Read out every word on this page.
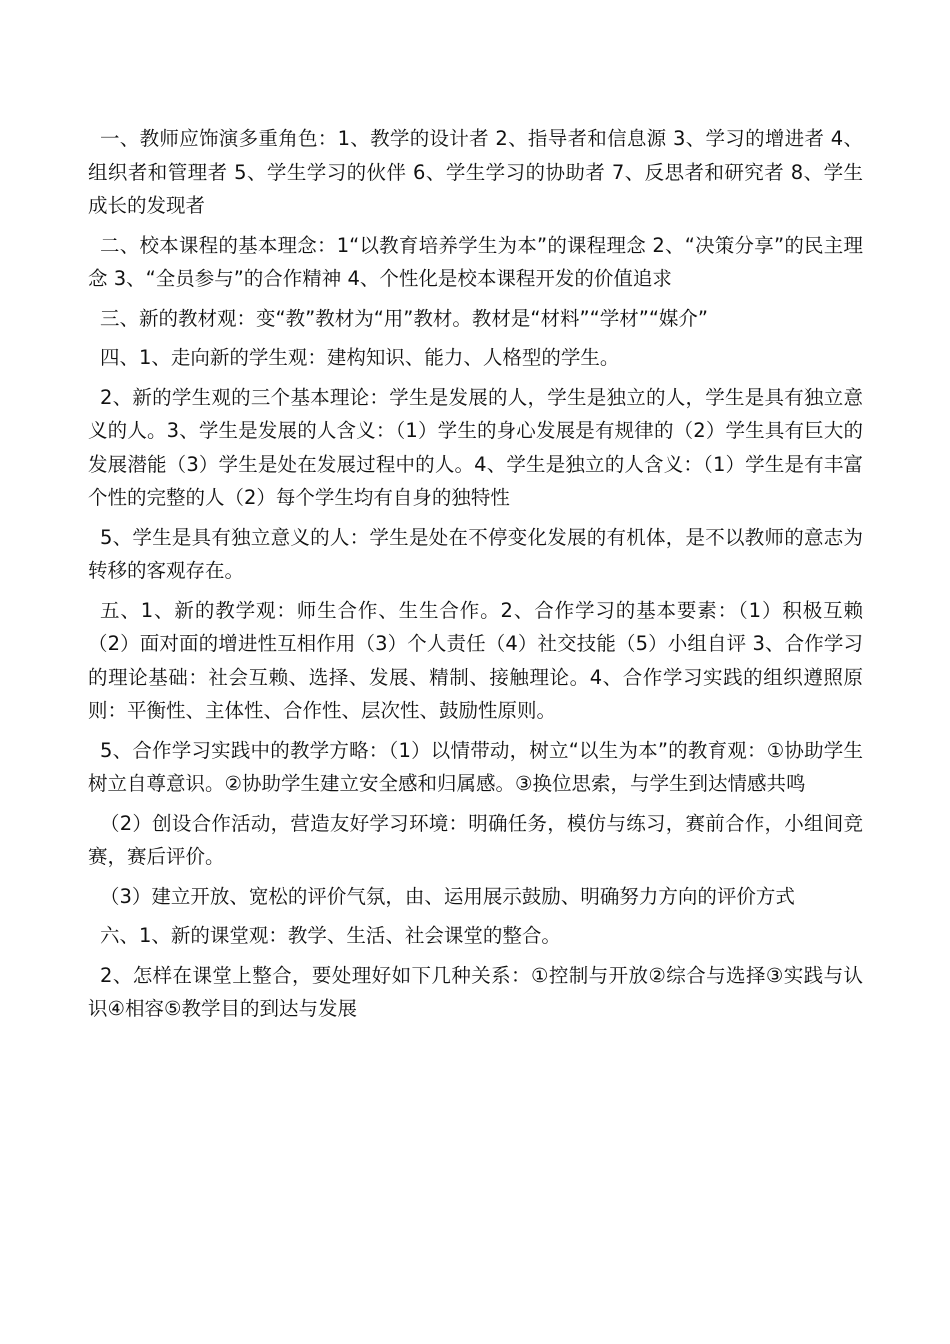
一、教师应饰演多重角色：1、教学的设计者 2、指导者和信息源 3、学习的增进者 4、组织者和管理者 5、学生学习的伙伴 6、学生学习的协助者 7、反思者和研究者 8、学生成长的发现者

二、校本课程的基本理念：1“以教育培养学生为本”的课程理念 2、“决策分享”的民主理念 3、“全员参与”的合作精神 4、个性化是校本课程开发的价值追求

三、新的教材观：变“教”教材为“用”教材。教材是“材料”“学材”“媒介”

四、1、走向新的学生观：建构知识、能力、人格型的学生。

2、新的学生观的三个基本理论：学生是发展的人，学生是独立的人，学生是具有独立意义的人。3、学生是发展的人含义：（1）学生的身心发展是有规律的（2）学生具有巨大的发展潜能（3）学生是处在发展过程中的人。4、学生是独立的人含义：（1）学生是有丰富个性的完整的人（2）每个学生均有自身的独特性

5、学生是具有独立意义的人：学生是处在不停变化发展的有机体，是不以教师的意志为转移的客观存在。

五、1、新的教学观：师生合作、生生合作。2、合作学习的基本要素：（1）积极互赖（2）面对面的增进性互相作用（3）个人责任（4）社交技能（5）小组自评 3、合作学习的理论基础：社会互赖、选择、发展、精制、接触理论。4、合作学习实践的组织遵照原则：平衡性、主体性、合作性、层次性、鼓励性原则。

5、合作学习实践中的教学方略：（1）以情带动，树立“以生为本”的教育观：①协助学生树立自尊意识。②协助学生建立安全感和归属感。③换位思索，与学生到达情感共鸣

（2）创设合作活动，营造友好学习环境：明确任务，模仿与练习，赛前合作，小组间竞赛，赛后评价。

（3）建立开放、宽松的评价气氛，由、运用展示鼓励、明确努力方向的评价方式

六、1、新的课堂观：教学、生活、社会课堂的整合。

2、怎样在课堂上整合，要处理好如下几种关系：①控制与开放②综合与选择③实践与认识④相容⑤教学目的到达与发展
